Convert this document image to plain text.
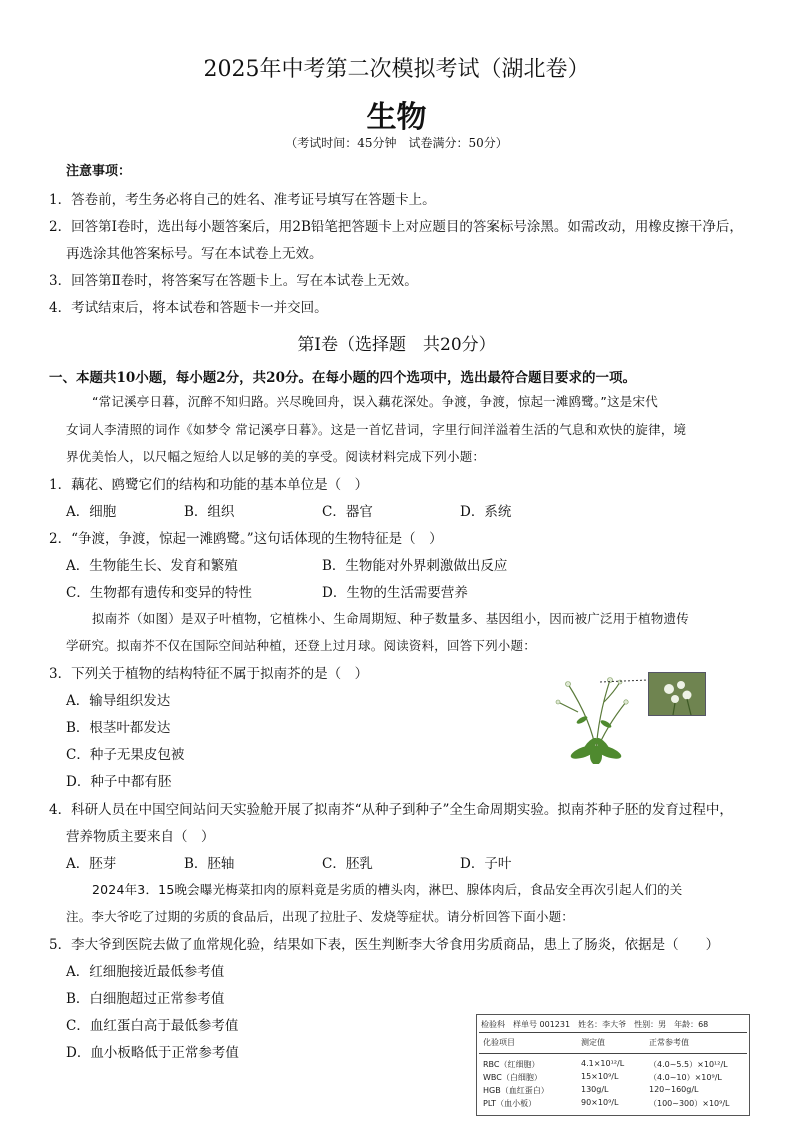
2025年中考第二次模拟考试（湖北卷）
生物
（考试时间：45分钟　试卷满分：50分）
注意事项：
1．答卷前，考生务必将自己的姓名、准考证号填写在答题卡上。
2．回答第Ⅰ卷时，选出每小题答案后，用2B铅笔把答题卡上对应题目的答案标号涂黑。如需改动，用橡皮擦干净后，
再选涂其他答案标号。写在本试卷上无效。
3．回答第Ⅱ卷时，将答案写在答题卡上。写在本试卷上无效。
4．考试结束后，将本试卷和答题卡一并交回。
第Ⅰ卷（选择题　共20分）
一、本题共10小题，每小题2分，共20分。在每小题的四个选项中，选出最符合题目要求的一项。
“常记溪亭日暮，沉醉不知归路。兴尽晚回舟，误入藕花深处。争渡，争渡，惊起一滩鸥鹭。”这是宋代
女词人李清照的词作《如梦令 常记溪亭日暮》。这是一首忆昔词，字里行间洋溢着生活的气息和欢快的旋律，境
界优美怡人，以尺幅之短给人以足够的美的享受。阅读材料完成下列小题：
1．藕花、鸥鹭它们的结构和功能的基本单位是（　）
A．细胞	B．组织	C．器官	D．系统
2．“争渡，争渡，惊起一滩鸥鹭。”这句话体现的生物特征是（　）
A．生物能生长、发育和繁殖	B．生物能对外界刺激做出反应
C．生物都有遗传和变异的特性	D．生物的生活需要营养
拟南芥（如图）是双子叶植物，它植株小、生命周期短、种子数量多、基因组小，因而被广泛用于植物遗传
学研究。拟南芥不仅在国际空间站种植，还登上过月球。阅读资料，回答下列小题：
3．下列关于植物的结构特征不属于拟南芥的是（　）
A．输导组织发达
B．根茎叶都发达
C．种子无果皮包被
D．种子中都有胚
4．科研人员在中国空间站问天实验舱开展了拟南芥“从种子到种子”全生命周期实验。拟南芥种子胚的发育过程中，
营养物质主要来自（　）
A．胚芽	B．胚轴	C．胚乳	D．子叶
2024年3．15晚会曝光梅菜扣肉的原料竟是劣质的槽头肉，淋巴、腺体肉后，食品安全再次引起人们的关
注。李大爷吃了过期的劣质的食品后，出现了拉肚子、发烧等症状。请分析回答下面小题：
5．李大爷到医院去做了血常规化验，结果如下表，医生判断李大爷食用劣质商品，患上了肠炎，依据是（　　）
A．红细胞接近最低参考值
B．白细胞超过正常参考值
C．血红蛋白高于最低参考值
D．血小板略低于正常参考值
检验科　样单号 001231　姓名：李大爷　性别：男　年龄：68
化验项目	测定值	正常参考值
RBC（红细胞）	4.1×10¹²/L	（4.0~5.5）×10¹²/L
WBC（白细胞）	15×10⁹/L	（4.0~10）×10⁹/L
HGB（血红蛋白）	130g/L	120~160g/L
PLT（血小板）	90×10⁹/L	（100~300）×10⁹/L
